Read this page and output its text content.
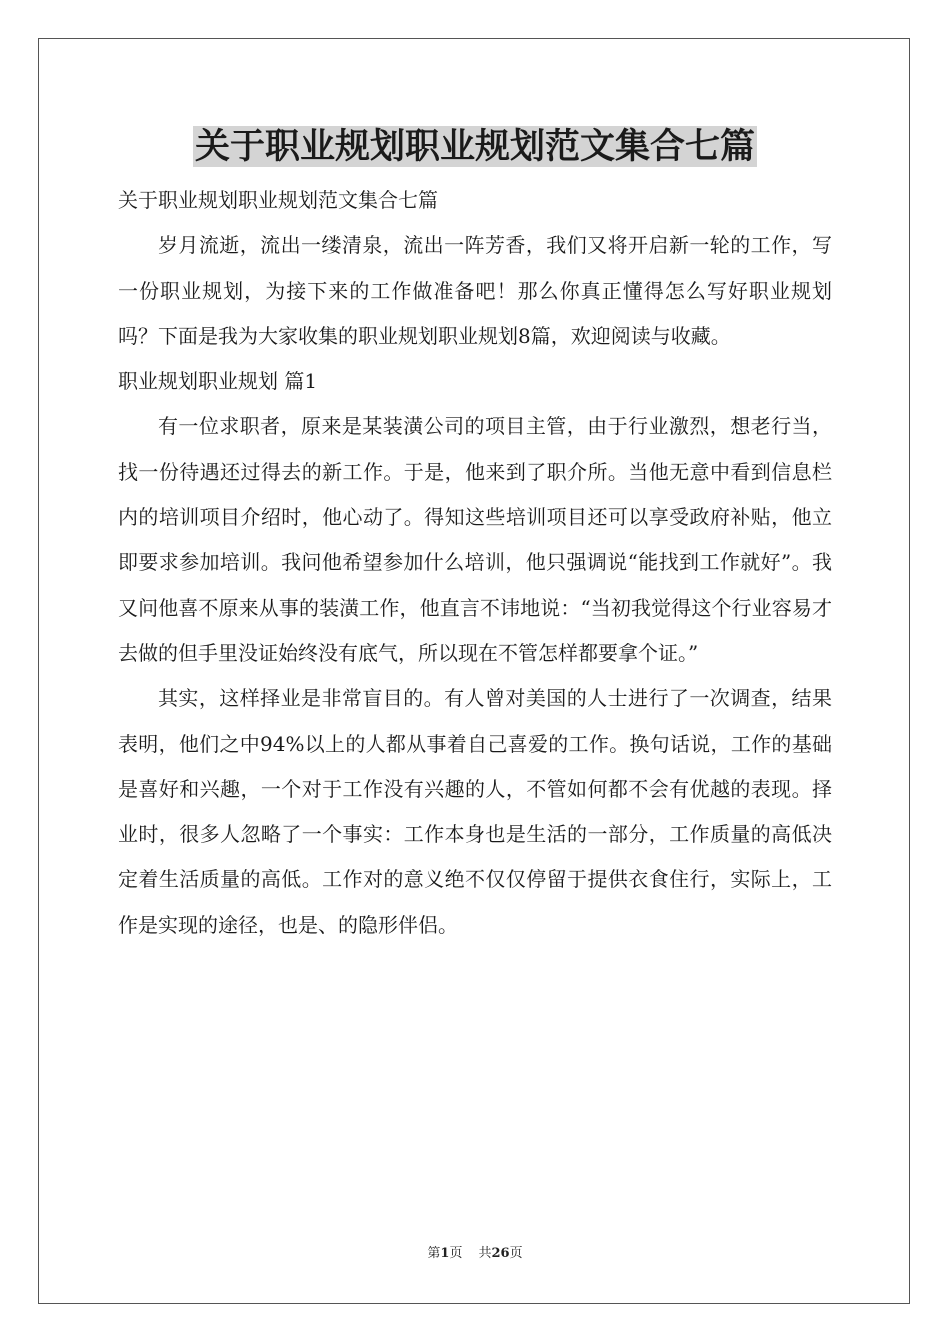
关于职业规划职业规划范文集合七篇

关于职业规划职业规划范文集合七篇

岁月流逝，流出一缕清泉，流出一阵芳香，我们又将开启新一轮的工作，写一份职业规划，为接下来的工作做准备吧！那么你真正懂得怎么写好职业规划吗？下面是我为大家收集的职业规划职业规划8篇，欢迎阅读与收藏。

职业规划职业规划 篇1

有一位求职者，原来是某装潢公司的项目主管，由于行业激烈，想老行当，找一份待遇还过得去的新工作。于是，他来到了职介所。当他无意中看到信息栏内的培训项目介绍时，他心动了。得知这些培训项目还可以享受政府补贴，他立即要求参加培训。我问他希望参加什么培训，他只强调说“能找到工作就好”。我又问他喜不原来从事的装潢工作，他直言不讳地说：“当初我觉得这个行业容易才去做的但手里没证始终没有底气，所以现在不管怎样都要拿个证。”

其实，这样择业是非常盲目的。有人曾对美国的人士进行了一次调查，结果表明，他们之中94%以上的人都从事着自己喜爱的工作。换句话说，工作的基础是喜好和兴趣，一个对于工作没有兴趣的人，不管如何都不会有优越的表现。择业时，很多人忽略了一个事实：工作本身也是生活的一部分，工作质量的高低决定着生活质量的高低。工作对的意义绝不仅仅停留于提供衣食住行，实际上，工作是实现的途径，也是、的隐形伴侣。

第1页 共26页
